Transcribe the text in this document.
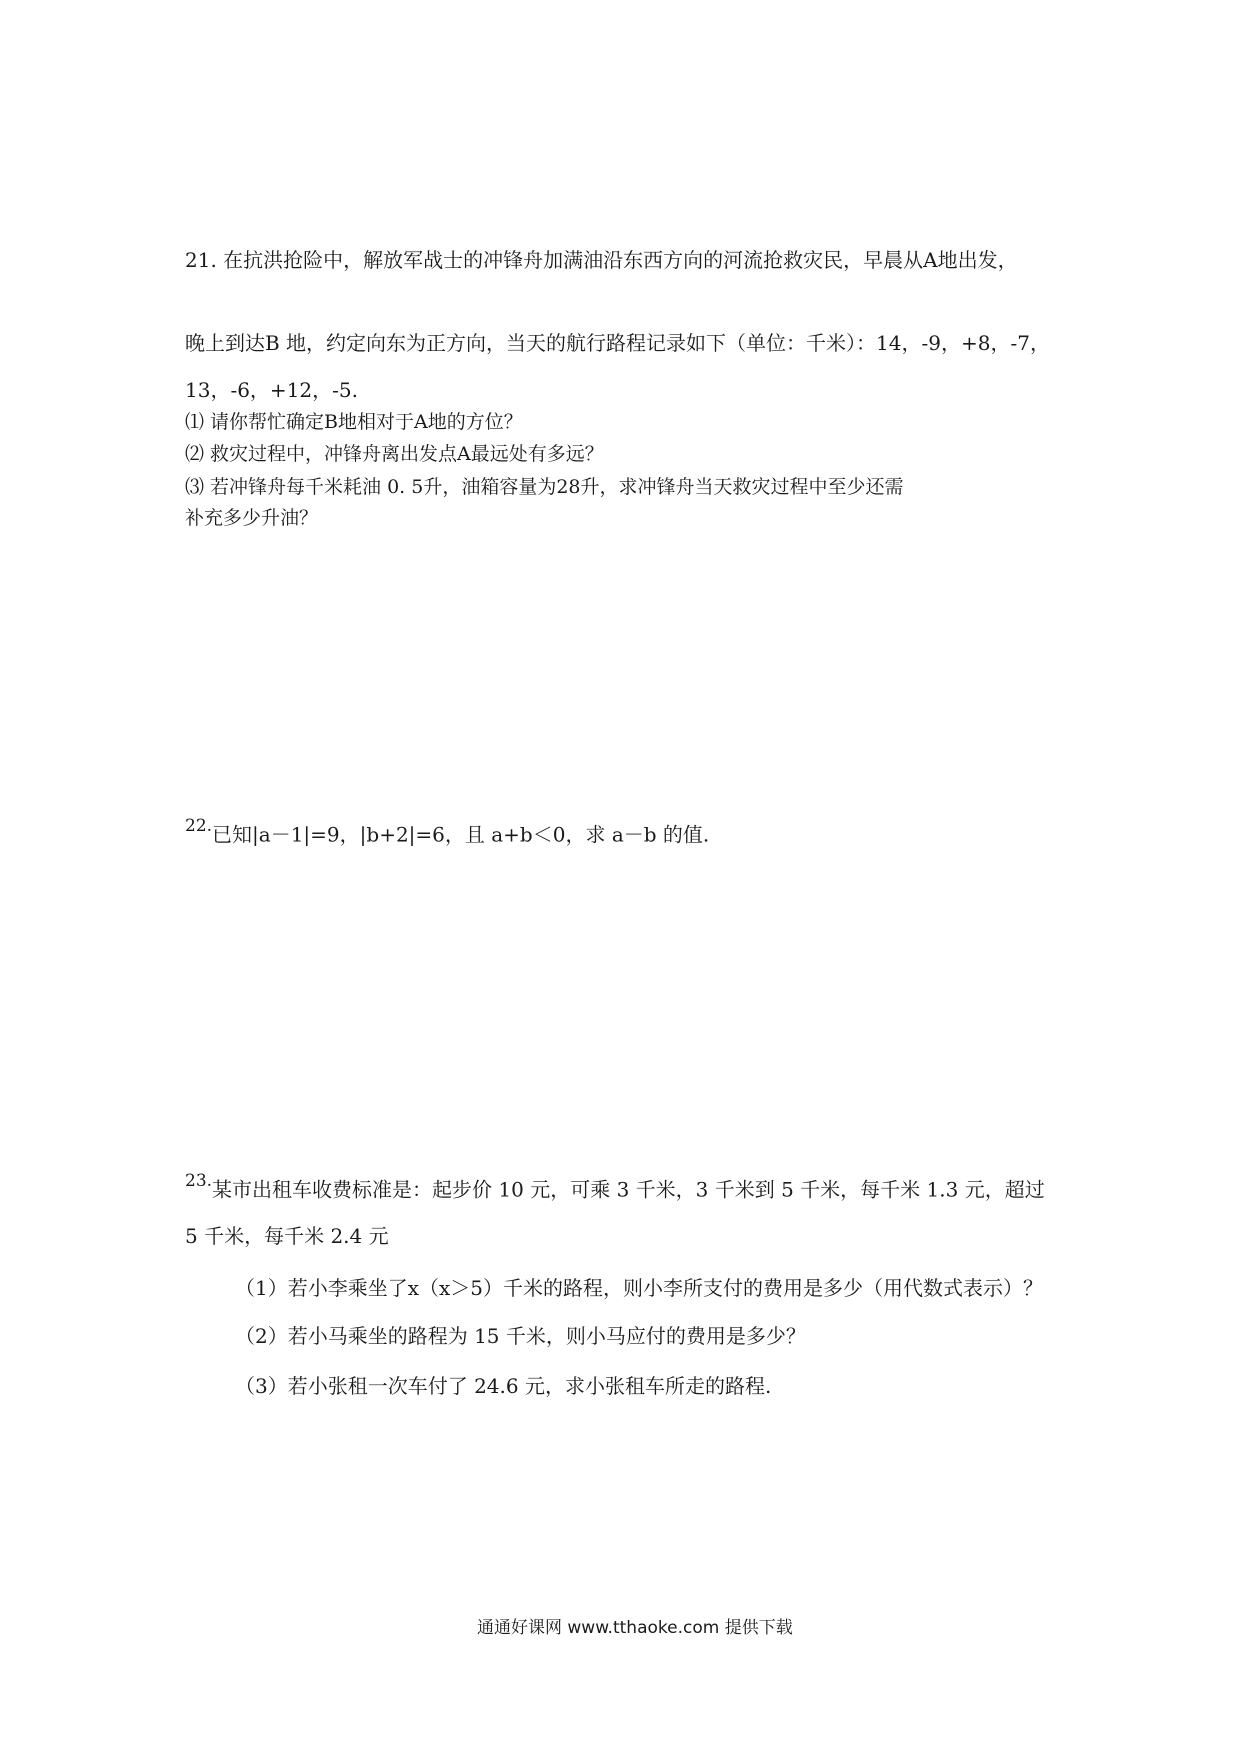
21. 在抗洪抢险中，解放军战士的冲锋舟加满油沿东西方向的河流抢救灾民，早晨从A地出发，
晚上到达B 地，约定向东为正方向，当天的航行路程记录如下（单位：千米）：14，-9，+8，-7，
13，-6，+12，-5.
⑴ 请你帮忙确定B地相对于A地的方位？
⑵ 救灾过程中，冲锋舟离出发点A最远处有多远？
⑶ 若冲锋舟每千米耗油 0. 5升，油箱容量为28升，求冲锋舟当天救灾过程中至少还需
补充多少升油？
$^{22.}$已知|a－1|=9，|b+2|=6，且 a+b＜0，求 a－b 的值.
$^{23.}$某市出租车收费标准是：起步价 10 元，可乘 3 千米，3 千米到 5 千米，每千米 1.3 元，超过
5 千米，每千米 2.4 元
（1）若小李乘坐了x（x＞5）千米的路程，则小李所支付的费用是多少（用代数式表示）？
（2）若小马乘坐的路程为 15 千米，则小马应付的费用是多少？
（3）若小张租一次车付了 24.6 元，求小张租车所走的路程.
通通好课网 www.tthaoke.com 提供下载
